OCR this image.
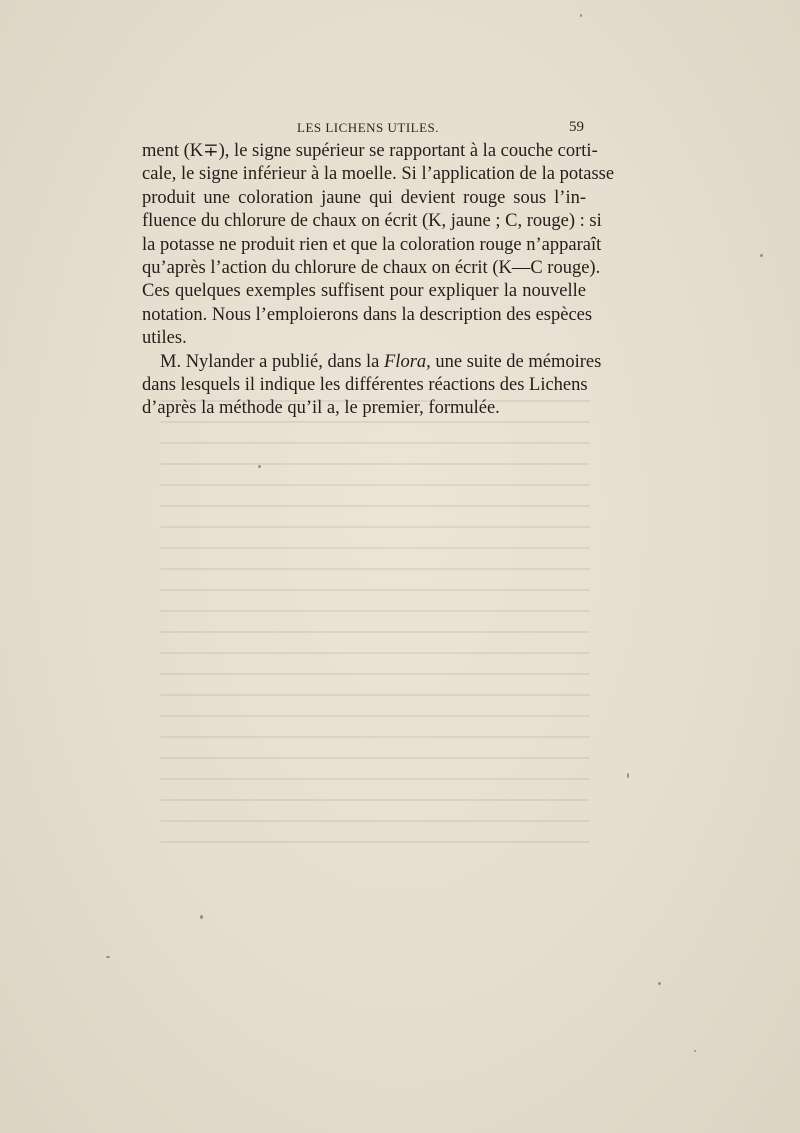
LES LICHENS UTILES.	59
ment (K∓), le signe supérieur se rapportant à la couche corti-
cale, le signe inférieur à la moelle. Si l’application de la potasse
produit une coloration jaune qui devient rouge sous l’in-
fluence du chlorure de chaux on écrit (K, jaune ; C, rouge) : si
la potasse ne produit rien et que la coloration rouge n’apparaît
qu’après l’action du chlorure de chaux on écrit (K—C rouge).
Ces quelques exemples suffisent pour expliquer la nouvelle
notation. Nous l’emploierons dans la description des espèces
utiles.
M. Nylander a publié, dans la Flora, une suite de mémoires
dans lesquels il indique les différentes réactions des Lichens
d’après la méthode qu’il a, le premier, formulée.
